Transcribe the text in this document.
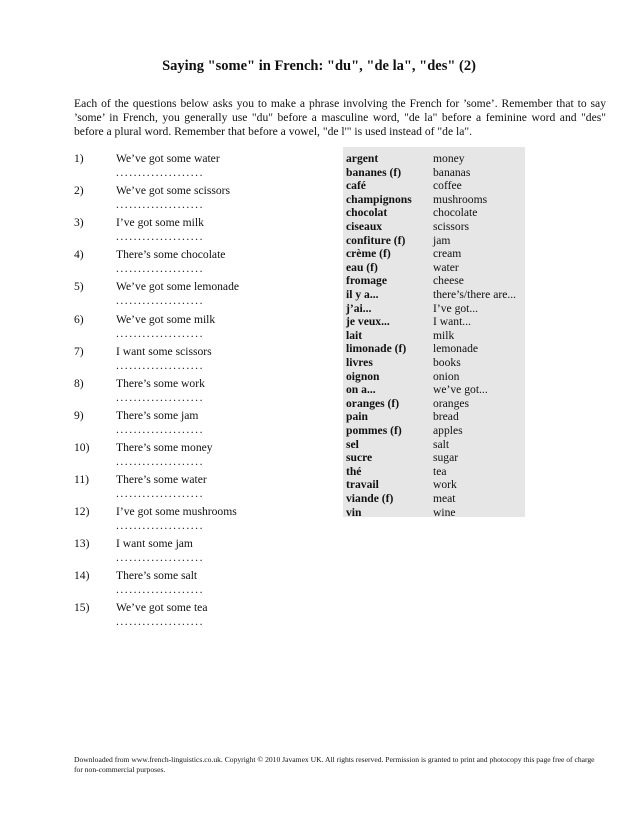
Saying "some" in French: "du", "de la", "des" (2)
Each of the questions below asks you to make a phrase involving the French for ’some’. Remember that to say ’some’ in French, you generally use "du" before a masculine word, "de la" before a feminine word and "des" before a plural word. Remember that before a vowel, "de l'" is used instead of "de la".
1)	We’ve got some water
....................
2)	We’ve got some scissors
....................
3)	I’ve got some milk
....................
4)	There’s some chocolate
....................
5)	We’ve got some lemonade
....................
6)	We’ve got some milk
....................
7)	I want some scissors
....................
8)	There’s some work
....................
9)	There’s some jam
....................
10) There’s some money
....................
11) There’s some water
....................
12) I’ve got some mushrooms
....................
13) I want some jam
....................
14) There’s some salt
....................
15) We’ve got some tea
....................
argent	money
bananes (f)	bananas
café	coffee
champignons mushrooms
chocolat	chocolate
ciseaux	scissors
confiture (f) jam
crème (f)	cream
eau (f)	water
fromage	cheese
il y a...	there’s/there are...
j’ai...	I’ve got...
je veux...	I want...
lait	milk
limonade (f) lemonade
livres	books
oignon	onion
on a...	we’ve got...
oranges (f)	oranges
pain	bread
pommes (f)	apples
sel	salt
sucre	sugar
thé	tea
travail	work
viande (f)	meat
vin	wine
Downloaded from www.french-linguistics.co.uk. Copyright © 2010 Javamex UK. All rights reserved. Permission is granted to print and photocopy this page free of charge for non-commercial purposes.
